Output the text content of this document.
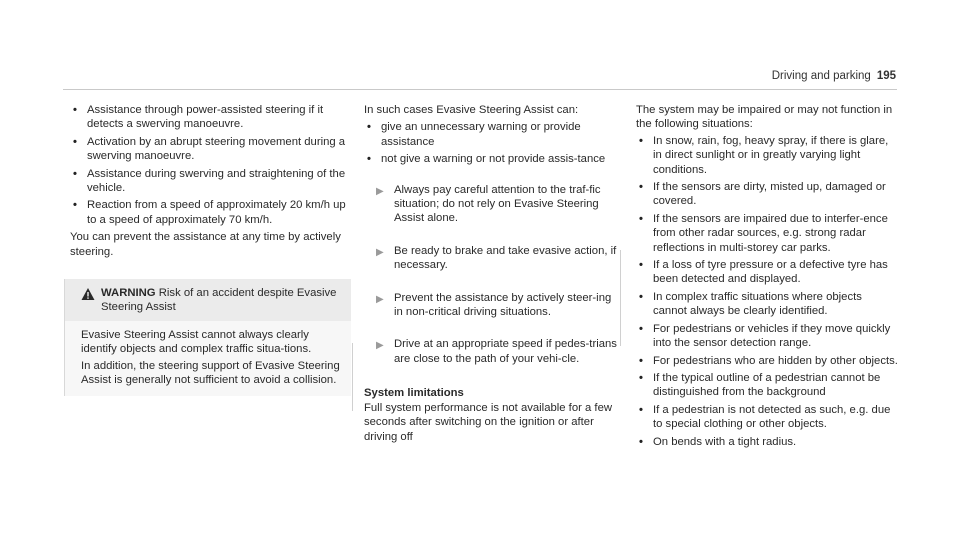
Driving and parking 195
• Assistance through power-assisted steering if it detects a swerving manoeuvre.
• Activation by an abrupt steering movement during a swerving manoeuvre.
• Assistance during swerving and straightening of the vehicle.
• Reaction from a speed of approximately 20 km/h up to a speed of approximately 70 km/h.

You can prevent the assistance at any time by actively steering.

WARNING Risk of an accident despite Evasive Steering Assist

Evasive Steering Assist cannot always clearly identify objects and complex traffic situa-tions.

In addition, the steering support of Evasive Steering Assist is generally not sufficient to avoid a collision.

In such cases Evasive Steering Assist can:

• give an unnecessary warning or provide assistance
• not give a warning or not provide assis-tance
▶ Always pay careful attention to the traf-fic situation; do not rely on Evasive Steering Assist alone.
▶ Be ready to brake and take evasive action, if necessary.
▶ Prevent the assistance by actively steer-ing in non-critical driving situations.
▶ Drive at an appropriate speed if pedes-trians are close to the path of your vehi-cle.

System limitations

Full system performance is not available for a few seconds after switching on the ignition or after driving off

The system may be impaired or may not function in the following situations:

• In snow, rain, fog, heavy spray, if there is glare, in direct sunlight or in greatly varying light conditions.
• If the sensors are dirty, misted up, damaged or covered.
• If the sensors are impaired due to interfer-ence from other radar sources, e.g. strong radar reflections in multi-storey car parks.
• If a loss of tyre pressure or a defective tyre has been detected and displayed.
• In complex traffic situations where objects cannot always be clearly identified.
• For pedestrians or vehicles if they move quickly into the sensor detection range.
• For pedestrians who are hidden by other objects.
• If the typical outline of a pedestrian cannot be distinguished from the background
• If a pedestrian is not detected as such, e.g. due to special clothing or other objects.
• On bends with a tight radius.
